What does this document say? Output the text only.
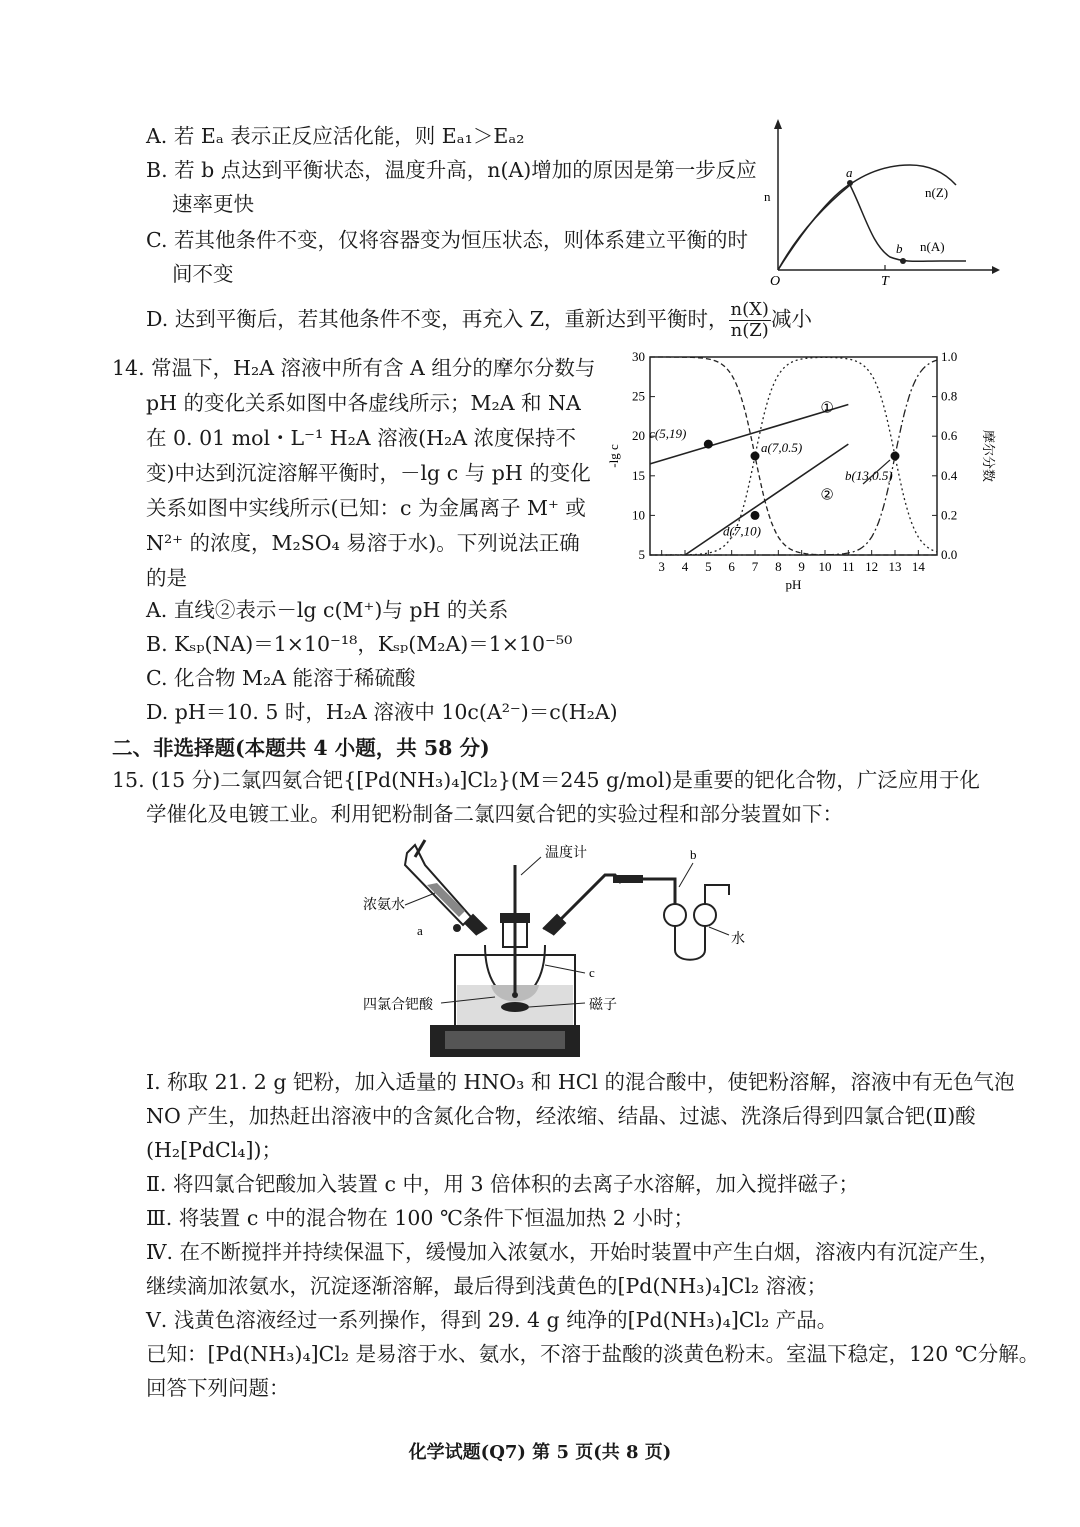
A. 若 Eₐ 表示正反应活化能，则 Eₐ₁＞Eₐ₂
B. 若 b 点达到平衡状态，温度升高，n(A)增加的原因是第一步反应
速率更快
C. 若其他条件不变，仅将容器变为恒压状态，则体系建立平衡的时
间不变
D. 达到平衡后，若其他条件不变，再充入 Z，重新达到平衡时， $\frac{n(X)}{n(Z)}$ 减小
n
O	T
a
b
n(Z)
n(A)
14. 常温下，H₂A 溶液中所有含 A 组分的摩尔分数与
pH 的变化关系如图中各虚线所示；M₂A 和 NA
在 0. 01 mol・L⁻¹ H₂A 溶液(H₂A 浓度保持不
变)中达到沉淀溶解平衡时，－lg c 与 pH 的变化
关系如图中实线所示(已知：c 为金属离子 M⁺ 或
N²⁺ 的浓度，M₂SO₄ 易溶于水)。下列说法正确
的是
A. 直线②表示－lg c(M⁺)与 pH 的关系
B. Kₛₚ(NA)＝1×10⁻¹⁸，Kₛₚ(M₂A)＝1×10⁻⁵⁰
C. 化合物 M₂A 能溶于稀硫酸
D. pH＝10. 5 时，H₂A 溶液中 10c(A²⁻)＝c(H₂A)
3 4 5 6 7 8 9 10 11 12 13 14
pH
5
10
15
20
25
30
-lg c
0.0
0.2
0.4
0.6
0.8
1.0
摩尔分数
①
②
c(5,19)
a(7,0.5)
d(7,10)
b(13,0.5)
二、非选择题(本题共 4 小题，共 58 分)
15. (15 分)二氯四氨合钯{[Pd(NH₃)₄]Cl₂}(M＝245 g/mol)是重要的钯化合物，广泛应用于化
学催化及电镀工业。利用钯粉制备二氯四氨合钯的实验过程和部分装置如下：
温度计
浓氨水
a
b
水
c
四氯合钯酸	磁子
Ⅰ. 称取 21. 2 g 钯粉，加入适量的 HNO₃ 和 HCl 的混合酸中，使钯粉溶解，溶液中有无色气泡
NO 产生，加热赶出溶液中的含氮化合物，经浓缩、结晶、过滤、洗涤后得到四氯合钯(Ⅱ)酸
(H₂[PdCl₄])；
Ⅱ. 将四氯合钯酸加入装置 c 中，用 3 倍体积的去离子水溶解，加入搅拌磁子；
Ⅲ. 将装置 c 中的混合物在 100 ℃条件下恒温加热 2 小时；
Ⅳ. 在不断搅拌并持续保温下，缓慢加入浓氨水，开始时装置中产生白烟，溶液内有沉淀产生，
继续滴加浓氨水，沉淀逐渐溶解，最后得到浅黄色的[Pd(NH₃)₄]Cl₂ 溶液；
Ⅴ. 浅黄色溶液经过一系列操作，得到 29. 4 g 纯净的[Pd(NH₃)₄]Cl₂ 产品。
已知：[Pd(NH₃)₄]Cl₂ 是易溶于水、氨水，不溶于盐酸的淡黄色粉末。室温下稳定，120 ℃分解。
回答下列问题：
化学试题(Q7) 第 5 页(共 8 页)
